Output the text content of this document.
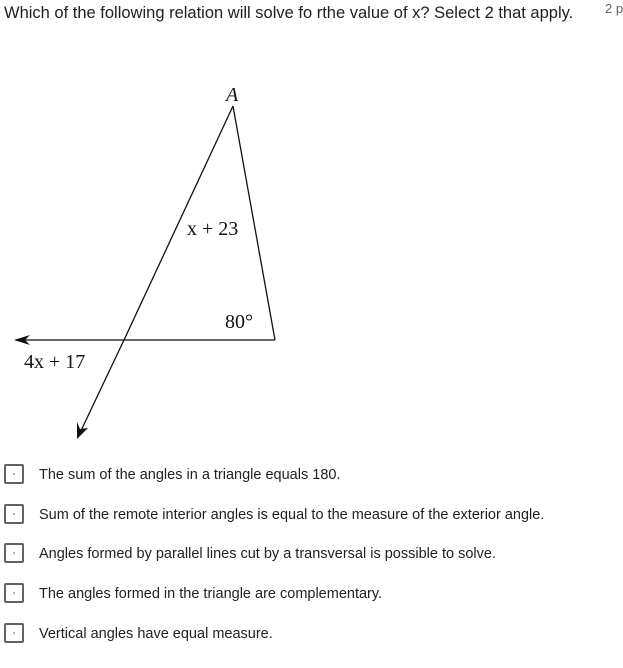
Which of the following relation will solve fo rthe value of x? Select 2 that apply.	2 p
A
x + 23
80°
4x + 17
The sum of the angles in a triangle equals 180.
Sum of the remote interior angles is equal to the measure of the exterior angle.
Angles formed by parallel lines cut by a transversal is possible to solve.
The angles formed in the triangle are complementary.
Vertical angles have equal measure.
